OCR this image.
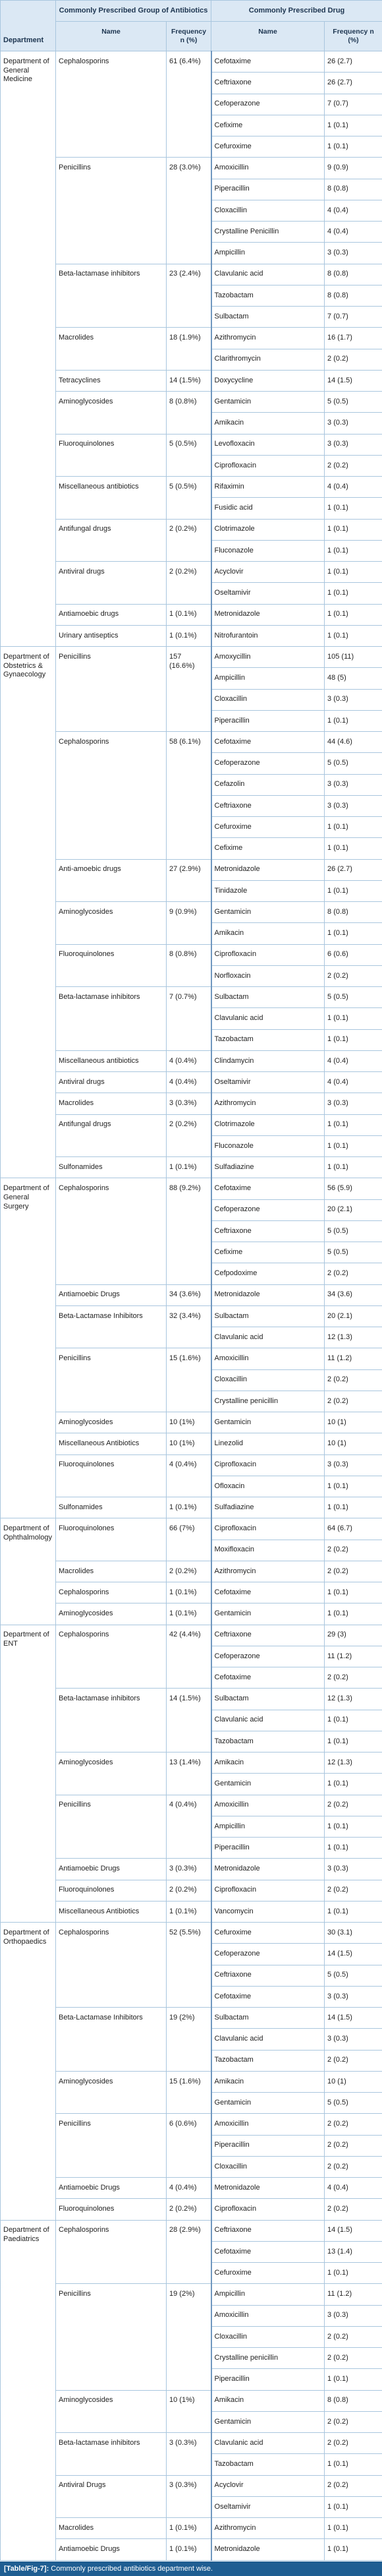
Department	Commonly Prescribed Group of Antibiotics		Commonly Prescribed Drug	
	Name	Frequency n (%)	Name	Frequency n (%)
Department of General Medicine	Cephalosporins	61 (6.4%)	Cefotaxime	26 (2.7)
			Ceftriaxone	26 (2.7)
			Cefoperazone	7 (0.7)
			Cefixime	1 (0.1)
			Cefuroxime	1 (0.1)
	Penicillins	28 (3.0%)	Amoxicillin	9 (0.9)
			Piperacillin	8 (0.8)
			Cloxacillin	4 (0.4)
			Crystalline Penicillin	4 (0.4)
			Ampicillin	3 (0.3)
	Beta-lactamase inhibitors	23 (2.4%)	Clavulanic acid	8 (0.8)
			Tazobactam	8 (0.8)
			Sulbactam	7 (0.7)
	Macrolides	18 (1.9%)	Azithromycin	16 (1.7)
			Clarithromycin	2 (0.2)
	Tetracyclines	14 (1.5%)	Doxycycline	14 (1.5)
	Aminoglycosides	8 (0.8%)	Gentamicin	5 (0.5)
			Amikacin	3 (0.3)
	Fluoroquinolones	5 (0.5%)	Levofloxacin	3 (0.3)
			Ciprofloxacin	2 (0.2)
	Miscellaneous antibiotics	5 (0.5%)	Rifaximin	4 (0.4)
			Fusidic acid	1 (0.1)
	Antifungal drugs	2 (0.2%)	Clotrimazole	1 (0.1)
			Fluconazole	1 (0.1)
	Antiviral drugs	2 (0.2%)	Acyclovir	1 (0.1)
			Oseltamivir	1 (0.1)
	Antiamoebic drugs	1 (0.1%)	Metronidazole	1 (0.1)
	Urinary antiseptics	1 (0.1%)	Nitrofurantoin	1 (0.1)
Department of Obstetrics & Gynaecology	Penicillins	157 (16.6%)	Amoxycillin	105 (11)
			Ampicillin	48 (5)
			Cloxacillin	3 (0.3)
			Piperacillin	1 (0.1)
	Cephalosporins	58 (6.1%)	Cefotaxime	44 (4.6)
			Cefoperazone	5 (0.5)
			Cefazolin	3 (0.3)
			Ceftriaxone	3 (0.3)
			Cefuroxime	1 (0.1)
			Cefixime	1 (0.1)
	Anti-amoebic drugs	27 (2.9%)	Metronidazole	26 (2.7)
			Tinidazole	1 (0.1)
	Aminoglycosides	9 (0.9%)	Gentamicin	8 (0.8)
			Amikacin	1 (0.1)
	Fluoroquinolones	8 (0.8%)	Ciprofloxacin	6 (0.6)
			Norfloxacin	2 (0.2)
	Beta-lactamase inhibitors	7 (0.7%)	Sulbactam	5 (0.5)
			Clavulanic acid	1 (0.1)
			Tazobactam	1 (0.1)
	Miscellaneous antibiotics	4 (0.4%)	Clindamycin	4 (0.4)
	Antiviral drugs	4 (0.4%)	Oseltamivir	4 (0.4)
	Macrolides	3 (0.3%)	Azithromycin	3 (0.3)
	Antifungal drugs	2 (0.2%)	Clotrimazole	1 (0.1)
			Fluconazole	1 (0.1)
	Sulfonamides	1 (0.1%)	Sulfadiazine	1 (0.1)
Department of General Surgery	Cephalosporins	88 (9.2%)	Cefotaxime	56 (5.9)
			Cefoperazone	20 (2.1)
			Ceftriaxone	5 (0.5)
			Cefixime	5 (0.5)
			Cefpodoxime	2 (0.2)
	Antiamoebic Drugs	34 (3.6%)	Metronidazole	34 (3.6)
	Beta-Lactamase Inhibitors	32 (3.4%)	Sulbactam	20 (2.1)
			Clavulanic acid	12 (1.3)
	Penicillins	15 (1.6%)	Amoxicillin	11 (1.2)
			Cloxacillin	2 (0.2)
			Crystalline penicillin	2 (0.2)
	Aminoglycosides	10 (1%)	Gentamicin	10 (1)
	Miscellaneous Antibiotics	10 (1%)	Linezolid	10 (1)
	Fluoroquinolones	4 (0.4%)	Ciprofloxacin	3 (0.3)
			Ofloxacin	1 (0.1)
	Sulfonamides	1 (0.1%)	Sulfadiazine	1 (0.1)
Department of Ophthalmology	Fluoroquinolones	66 (7%)	Ciprofloxacin	64 (6.7)
			Moxifloxacin	2 (0.2)
	Macrolides	2 (0.2%)	Azithromycin	2 (0.2)
	Cephalosporins	1 (0.1%)	Cefotaxime	1 (0.1)
	Aminoglycosides	1 (0.1%)	Gentamicin	1 (0.1)
Department of ENT	Cephalosporins	42 (4.4%)	Ceftriaxone	29 (3)
			Cefoperazone	11 (1.2)
			Cefotaxime	2 (0.2)
	Beta-lactamase inhibitors	14 (1.5%)	Sulbactam	12 (1.3)
			Clavulanic acid	1 (0.1)
			Tazobactam	1 (0.1)
	Aminoglycosides	13 (1.4%)	Amikacin	12 (1.3)
			Gentamicin	1 (0.1)
	Penicillins	4 (0.4%)	Amoxicillin	2 (0.2)
			Ampicillin	1 (0.1)
			Piperacillin	1 (0.1)
	Antiamoebic Drugs	3 (0.3%)	Metronidazole	3 (0.3)
	Fluoroquinolones	2 (0.2%)	Ciprofloxacin	2 (0.2)
	Miscellaneous Antibiotics	1 (0.1%)	Vancomycin	1 (0.1)
Department of Orthopaedics	Cephalosporins	52 (5.5%)	Cefuroxime	30 (3.1)
			Cefoperazone	14 (1.5)
			Ceftriaxone	5 (0.5)
			Cefotaxime	3 (0.3)
	Beta-Lactamase Inhibitors	19 (2%)	Sulbactam	14 (1.5)
			Clavulanic acid	3 (0.3)
			Tazobactam	2 (0.2)
	Aminoglycosides	15 (1.6%)	Amikacin	10 (1)
			Gentamicin	5 (0.5)
	Penicillins	6 (0.6%)	Amoxicillin	2 (0.2)
			Piperacillin	2 (0.2)
			Cloxacillin	2 (0.2)
	Antiamoebic Drugs	4 (0.4%)	Metronidazole	4 (0.4)
	Fluoroquinolones	2 (0.2%)	Ciprofloxacin	2 (0.2)
Department of Paediatrics	Cephalosporins	28 (2.9%)	Ceftriaxone	14 (1.5)
			Cefotaxime	13 (1.4)
			Cefuroxime	1 (0.1)
	Penicillins	19 (2%)	Ampicillin	11 (1.2)
			Amoxicillin	3 (0.3)
			Cloxacillin	2 (0.2)
			Crystalline penicillin	2 (0.2)
			Piperacillin	1 (0.1)
	Aminoglycosides	10 (1%)	Amikacin	8 (0.8)
			Gentamicin	2 (0.2)
	Beta-lactamase inhibitors	3 (0.3%)	Clavulanic acid	2 (0.2)
			Tazobactam	1 (0.1)
	Antiviral Drugs	3 (0.3%)	Acyclovir	2 (0.2)
			Oseltamivir	1 (0.1)
	Macrolides	1 (0.1%)	Azithromycin	1 (0.1)
	Antiamoebic Drugs	1 (0.1%)	Metronidazole	1 (0.1)
[Table/Fig-7]: Commonly prescribed antibiotics department wise.
